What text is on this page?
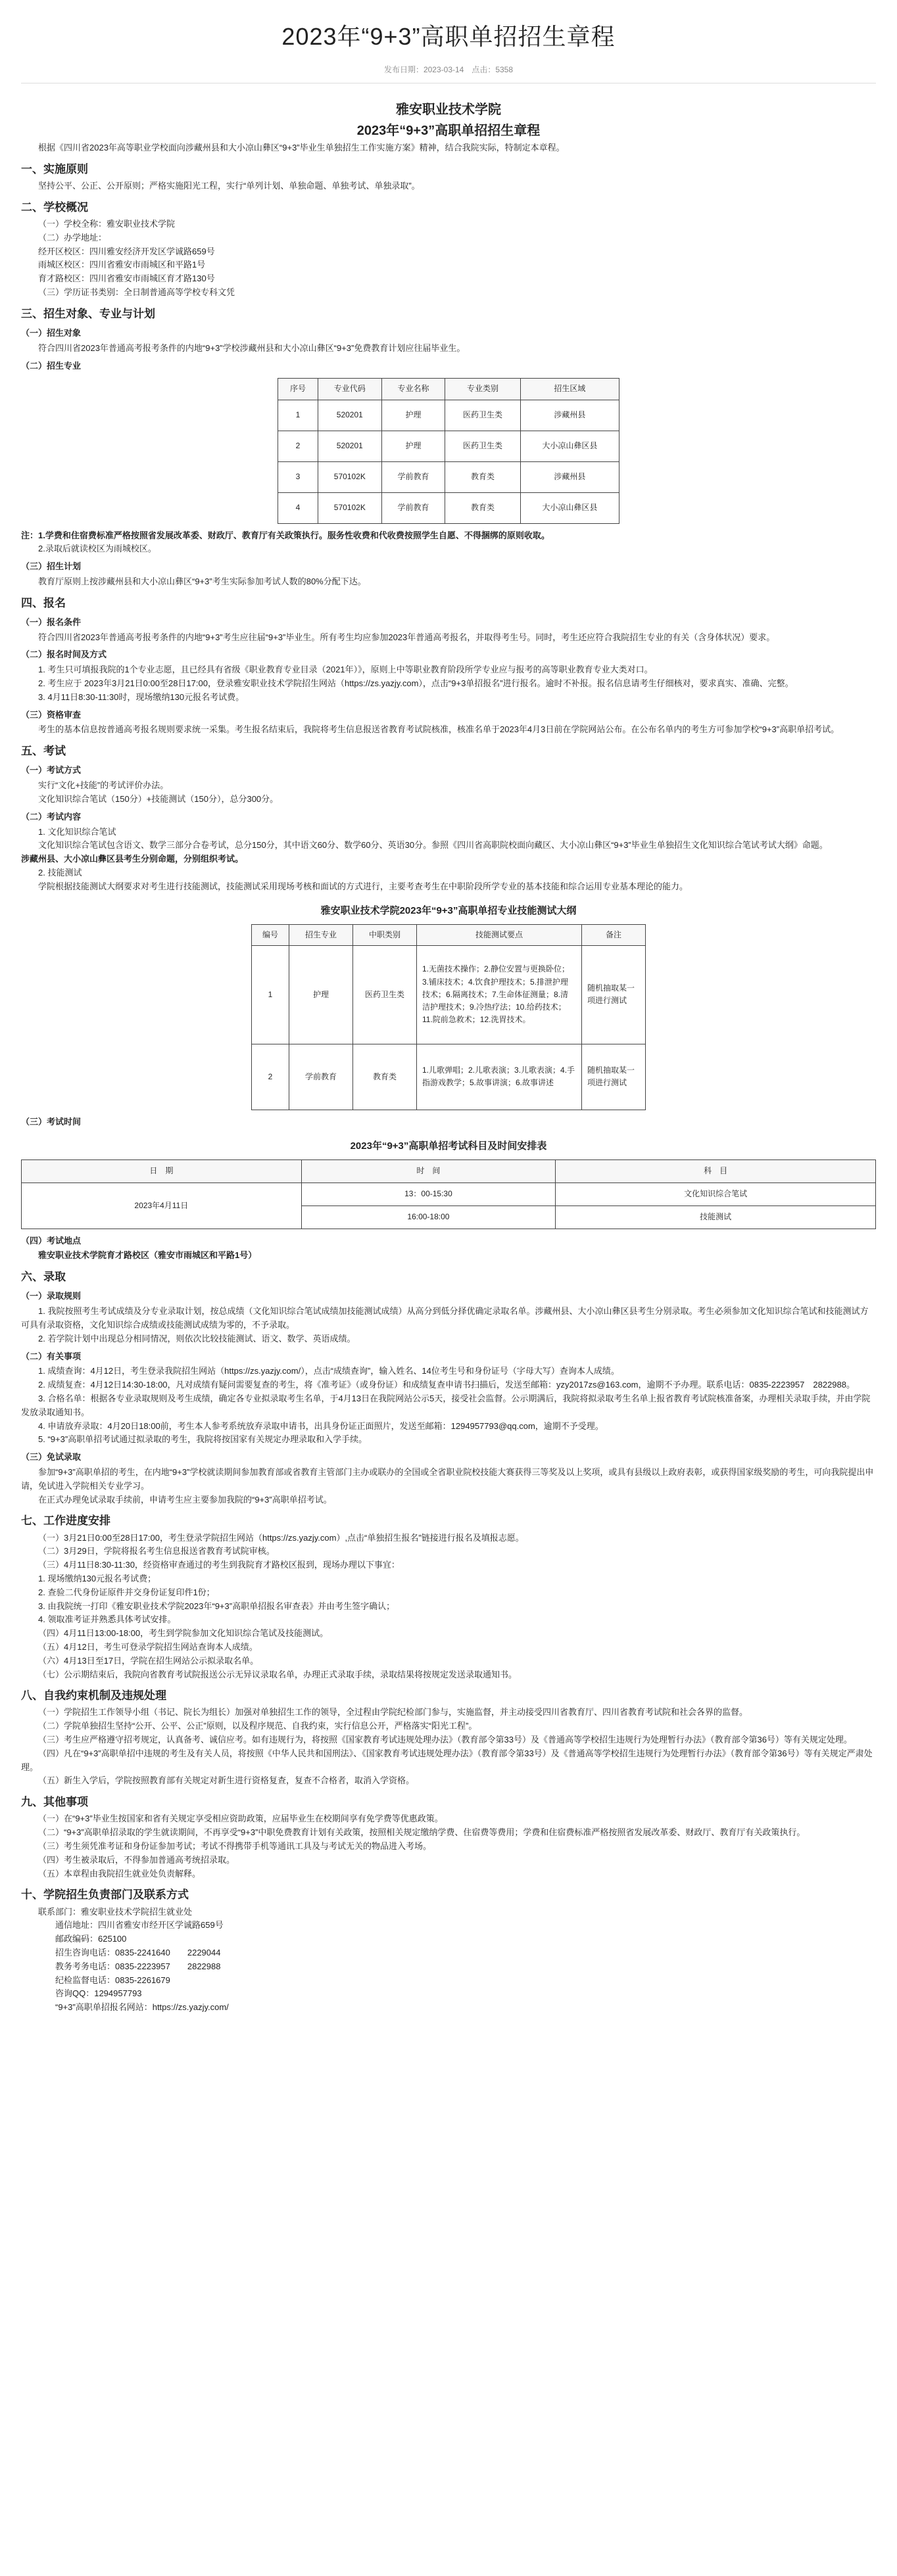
2023年“9+3”高职单招招生章程
发布日期：2023-03-14　点击：5358

雅安职业技术学院

2023年“9+3”高职单招招生章程

根据《四川省2023年高等职业学校面向涉藏州县和大小凉山彝区“9+3”毕业生单独招生工作实施方案》精神，结合我院实际，特制定本章程。

一、实施原则

坚持公平、公正、公开原则；严格实施阳光工程，实行“单列计划、单独命题、单独考试、单独录取”。

二、学校概况

（一）学校全称：雅安职业技术学院

（二）办学地址：

经开区校区：四川雅安经济开发区学诚路659号

雨城区校区：四川省雅安市雨城区和平路1号

育才路校区：四川省雅安市雨城区育才路130号

（三）学历证书类别：全日制普通高等学校专科文凭

三、招生对象、专业与计划
（一）招生对象

符合四川省2023年普通高考报考条件的内地“9+3”学校涉藏州县和大小凉山彝区“9+3”免费教育计划应往届毕业生。

（二）招生专业
序号	专业代码	专业名称	专业类别	招生区域
1	520201	护理	医药卫生类	涉藏州县
2	520201	护理	医药卫生类	大小凉山彝区县
3	570102K	学前教育	教育类	涉藏州县
4	570102K	学前教育	教育类	大小凉山彝区县

注：1.学费和住宿费标准严格按照省发展改革委、财政厅、教育厅有关政策执行。服务性收费和代收费按照学生自愿、不得捆绑的原则收取。

2.录取后就读校区为雨城校区。

（三）招生计划

教育厅原则上按涉藏州县和大小凉山彝区“9+3”考生实际参加考试人数的80%分配下达。

四、报名
（一）报名条件

符合四川省2023年普通高考报考条件的内地“9+3”考生应往届“9+3”毕业生。所有考生均应参加2023年普通高考报名，并取得考生号。同时，考生还应符合我院招生专业的有关（含身体状况）要求。

（二）报名时间及方式

1. 考生只可填报我院的1个专业志愿，且已经具有省级《职业教育专业目录（2021年）》，原则上中等职业教育阶段所学专业应与报考的高等职业教育专业大类对口。

2. 考生应于 2023年3月21日0:00至28日17:00，登录雅安职业技术学院招生网站（https://zs.yazjy.com），点击“9+3单招报名”进行报名。逾时不补报。报名信息请考生仔细核对，要求真实、准确、完整。

3. 4月11日8:30-11:30时，现场缴纳130元报名考试费。

（三）资格审查

考生的基本信息按普通高考报名规则要求统一采集。考生报名结束后，我院将考生信息报送省教育考试院核准，核准名单于2023年4月3日前在学院网站公布。在公布名单内的考生方可参加学校“9+3”高职单招考试。

五、考试
（一）考试方式

实行“文化+技能”的考试评价办法。

文化知识综合笔试（150分）+技能测试（150分），总分300分。

（二）考试内容

1. 文化知识综合笔试

文化知识综合笔试包含语文、数学三部分合卷考试，总分150分，其中语文60分、数学60分、英语30分。参照《四川省高职院校面向藏区、大小凉山彝区“9+3”毕业生单独招生文化知识综合笔试考试大纲》命题。

涉藏州县、大小凉山彝区县考生分别命题，分别组织考试。

2. 技能测试

学院根据技能测试大纲要求对考生进行技能测试，技能测试采用现场考核和面试的方式进行，主要考查考生在中职阶段所学专业的基本技能和综合运用专业基本理论的能力。

雅安职业技术学院2023年“9+3”高职单招专业技能测试大纲
编号	招生专业	中职类别	技能测试要点	备注
1	护理	医药卫生类	1.无菌技术操作；2.静位安置与更换卧位；3.铺床技术；4.饮食护理技术；5.排泄护理技术；6.隔离技术；7.生命体征测量；8.清洁护理技术；9.冷热疗法；10.给药技术；11.院前急救术；12.洗胃技术。	随机抽取某一项进行测试
2	学前教育	教育类	1.儿歌弹唱；2.儿歌表演；3.儿歌表演；4.手指游戏教学；5.故事讲演；6.故事讲述	随机抽取某一项进行测试
（三）考试时间
2023年“9+3”高职单招考试科目及时间安排表
日　期	时　间	科　目
2023年4月11日	13：00-15:30	文化知识综合笔试
	16:00-18:00	技能测试
（四）考试地点

雅安职业技术学院育才路校区（雅安市雨城区和平路1号）

六、录取
（一）录取规则

1. 我院按照考生考试成绩及分专业录取计划，按总成绩（文化知识综合笔试成绩加技能测试成绩）从高分到低分择优确定录取名单。涉藏州县、大小凉山彝区县考生分别录取。考生必须参加文化知识综合笔试和技能测试方可具有录取资格，文化知识综合成绩或技能测试成绩为零的，不予录取。

2. 若学院计划中出现总分相同情况，则依次比较技能测试、语文、数学、英语成绩。

（二）有关事项

1. 成绩查询：4月12日，考生登录我院招生网站（https://zs.yazjy.com/），点击“成绩查询”，输入姓名、14位考生号和身份证号（字母大写）查询本人成绩。

2. 成绩复查：4月12日14:30-18:00，凡对成绩有疑问需要复查的考生，将《准考证》（或身份证）和成绩复查申请书扫描后，发送至邮箱：yzy2017zs@163.com，逾期不予办理。联系电话：0835-2223957　2822988。

3. 合格名单：根据各专业录取规则及考生成绩，确定各专业拟录取考生名单，于4月13日在我院网站公示5天，接受社会监督。公示期满后，我院将拟录取考生名单上报省教育考试院核准备案，办理相关录取手续，并由学院发放录取通知书。

4. 申请放弃录取：4月20日18:00前，考生本人参考系统放弃录取申请书，出具身份证正面照片，发送至邮箱：1294957793@qq.com，逾期不予受理。

5. “9+3”高职单招考试通过拟录取的考生，我院将按国家有关规定办理录取和入学手续。

（三）免试录取

参加“9+3”高职单招的考生，在内地“9+3”学校就读期间参加教育部或省教育主管部门主办或联办的全国或全省职业院校技能大赛获得三等奖及以上奖项，或具有县级以上政府表彰，或获得国家级奖励的考生，可向我院提出申请，免试进入学院相关专业学习。

在正式办理免试录取手续前，申请考生应主要参加我院的“9+3”高职单招考试。

七、工作进度安排

（一）3月21日0:00至28日17:00，考生登录学院招生网站（https://zs.yazjy.com）,点击“单独招生报名”链接进行报名及填报志愿。

（二）3月29日，学院将报名考生信息报送省教育考试院审核。

（三）4月11日8:30-11:30，经资格审查通过的考生到我院育才路校区报到，现场办理以下事宜：

1. 现场缴纳130元报名考试费；

2. 查验二代身份证原件并交身份证复印件1份；

3. 由我院统一打印《雅安职业技术学院2023年“9+3”高职单招报名审查表》并由考生签字确认；

4. 领取准考证并熟悉具体考试安排。

（四）4月11日13:00-18:00，考生到学院参加文化知识综合笔试及技能测试。

（五）4月12日，考生可登录学院招生网站查询本人成绩。

（六）4月13日至17日，学院在招生网站公示拟录取名单。

（七）公示期结束后，我院向省教育考试院报送公示无异议录取名单，办理正式录取手续，录取结果将按规定发送录取通知书。

八、自我约束机制及违规处理

（一）学院招生工作领导小组（书记、院长为组长）加强对单独招生工作的领导，全过程由学院纪检部门参与，实施监督，并主动接受四川省教育厅、四川省教育考试院和社会各界的监督。

（二）学院单独招生坚持“公开、公平、公正”原则，以及程序规范、自我约束，实行信息公开，严格落实“阳光工程”。

（三）考生应严格遵守招考规定，认真备考、诚信应考。如有违规行为，将按照《国家教育考试违规处理办法》（教育部令第33号）及《普通高等学校招生违规行为处理暂行办法》（教育部令第36号）等有关规定处理。

（四）凡在“9+3”高职单招中违规的考生及有关人员，将按照《中华人民共和国刑法》、《国家教育考试违规处理办法》（教育部令第33号）及《普通高等学校招生违规行为处理暂行办法》（教育部令第36号）等有关规定严肃处理。

（五）新生入学后，学院按照教育部有关规定对新生进行资格复查，复查不合格者，取消入学资格。

九、其他事项

（一）在“9+3”毕业生按国家和省有关规定享受相应资助政策，应届毕业生在校期间享有免学费等优惠政策。

（二）“9+3”高职单招录取的学生就读期间，不再享受“9+3”中职免费教育计划有关政策，按照相关规定缴纳学费、住宿费等费用；学费和住宿费标准严格按照省发展改革委、财政厅、教育厅有关政策执行。

（三）考生须凭准考证和身份证参加考试；考试不得携带手机等通讯工具及与考试无关的物品进入考场。

（四）考生被录取后，不得参加普通高考统招录取。

（五）本章程由我院招生就业处负责解释。

十、学院招生负责部门及联系方式

联系部门：雅安职业技术学院招生就业处

通信地址：四川省雅安市经开区学诚路659号

邮政编码：625100

招生咨询电话：0835-2241640　　2229044

教务考务电话：0835-2223957　　2822988

纪检监督电话：0835-2261679

咨询QQ：1294957793

“9+3”高职单招报名网站：https://zs.yazjy.com/
